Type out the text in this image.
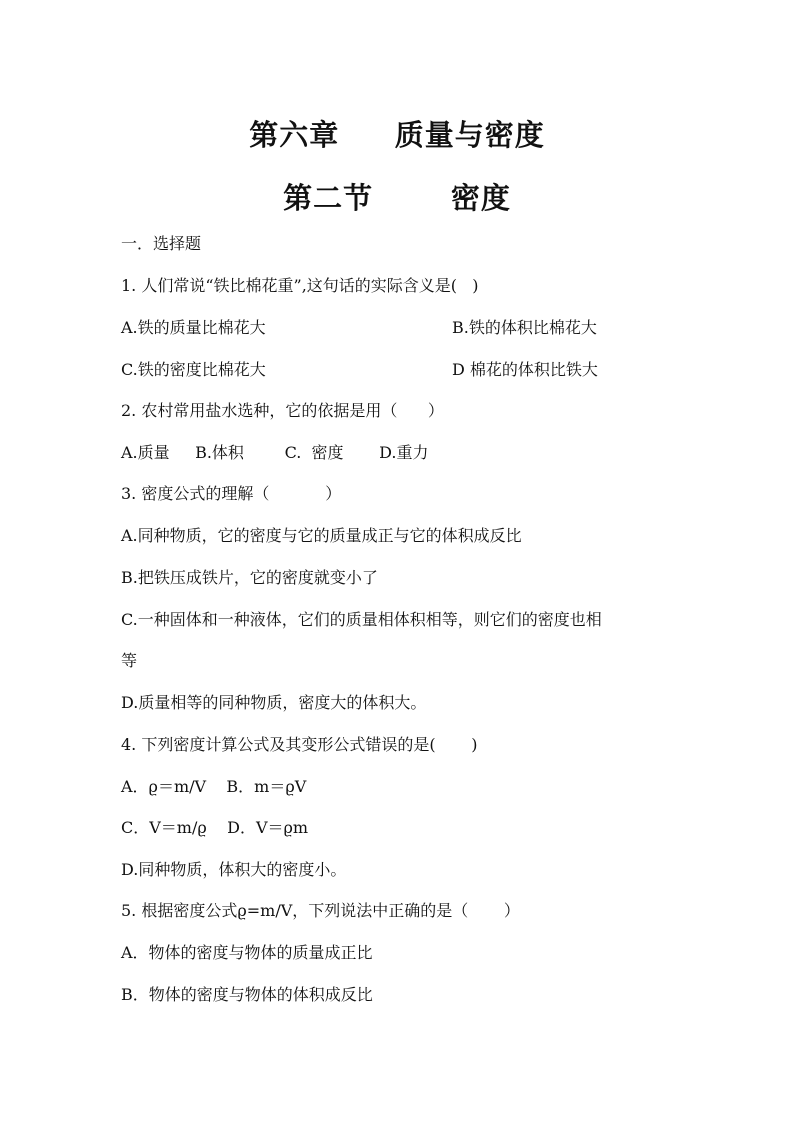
第六章     质量与密度
第二节       密度
一．选择题
1. 人们常说“铁比棉花重”,这句话的实际含义是(   )
A.铁的质量比棉花大	B.铁的体积比棉花大
C.铁的密度比棉花大	D 棉花的体积比铁大
2. 农村常用盐水选种，它的依据是用（      ）
A.质量     B.体积        C.  密度       D.重力
3. 密度公式的理解（           ）
A.同种物质，它的密度与它的质量成正与它的体积成反比
B.把铁压成铁片，它的密度就变小了
C.一种固体和一种液体，它们的质量相体积相等，则它们的密度也相
等
D.质量相等的同种物质，密度大的体积大。
4. 下列密度计算公式及其变形公式错误的是(       )
A．ϱ＝m/V    B．m＝ϱV
C．V＝m/ϱ    D．V＝ϱm
D.同种物质，体积大的密度小。
5. 根据密度公式ϱ=m/V，下列说法中正确的是（       ）
A．物体的密度与物体的质量成正比
B．物体的密度与物体的体积成反比
